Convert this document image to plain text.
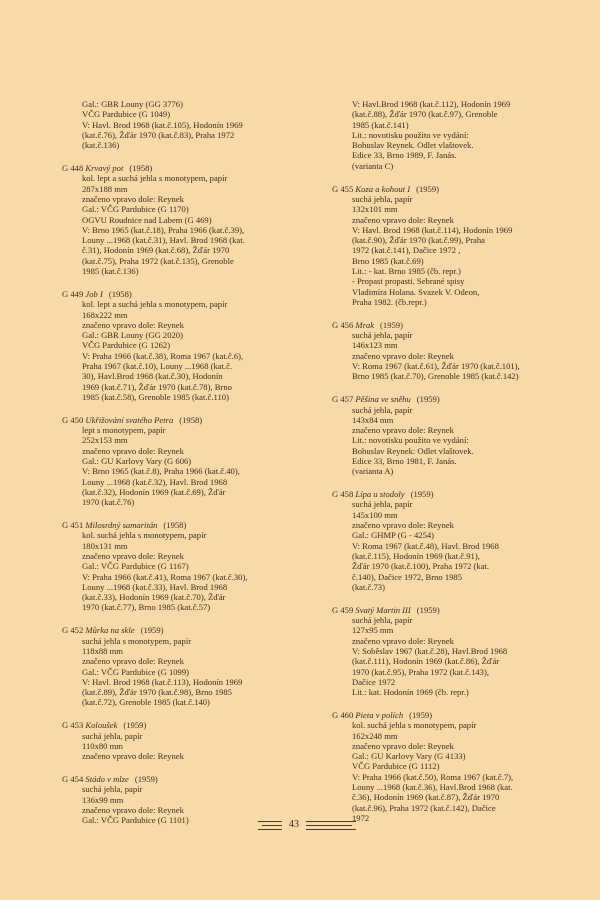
Gal.: GBR Louny (GG 3776)
VČG Pardubice (G 1049)
V: Havl. Brod 1968 (kat.č.105), Hodonín 1969
(kat.č.76), Žďár 1970 (kat.č.83), Praha 1972
(kat.č.136)
G 448 Krvavý pot (1958)
kol. lept a suchá jehla s monotypem, papír
287x188 mm
značeno vpravo dole: Reynek
Gal.: VČG Pardubice (G 1170)
OGVU Roudnice nad Labem (G 469)
V: Brno 1965 (kat.č.18), Praha 1966 (kat.č.39),
Louny ...1968 (kat.č.31), Havl. Brod 1968 (kat.
č.31), Hodonín 1969 (kat.č.68), Žďár 1970
(kat.č.75), Praha 1972 (kat.č.135), Grenoble
1985 (kat.č.136)
G 449 Job I (1958)
kol. lept a suchá jehla s monotypem, papír
168x222 mm
značeno vpravo dole: Reynek
Gal.: GBR Louny (GG 2020)
VČG Pardubice (G 1262)
V: Praha 1966 (kat.č.38), Roma 1967 (kat.č.6),
Praha 1967 (kat.č.10), Louny ...1968 (kat.č.
30), Havl.Brod 1968 (kat.č.30), Hodonín
1969 (kat.č.71), Žďár 1970 (kat.č.78), Brno
1985 (kat.č.58), Grenoble 1985 (kat.č.110)
G 450 Ukřižování svatého Petra (1958)
lept s monotypem, papír
252x153 mm
značeno vpravo dole: Reynek
Gal.: GU Karlovy Vary (G 606)
V: Brno 1965 (kat.č.8), Praha 1966 (kat.č.40),
Louny ...1968 (kat.č.32), Havl. Brod 1968
(kat.č.32), Hodonín 1969 (kat.č.69), Žďár
1970 (kat.č.76)
G 451 Milosrdný samaritán (1958)
kol. suchá jehla s monotypem, papír
180x131 mm
značeno vpravo dole: Reynek
Gal.: VČG Pardubice (G 1167)
V: Praha 1966 (kat.č.41), Roma 1967 (kat.č.30),
Louny ...1968 (kat.č.33), Havl. Brod 1968
(kat.č.33), Hodonín 1969 (kat.č.70), Žďár
1970 (kat.č.77), Brno 1985 (kat.č.57)
G 452 Můrka na skle (1959)
suchá jehla s monotypem, papír
118x88 mm
značeno vpravo dole: Reynek
Gal.: VČG Pardubice (G 1099)
V: Havl. Brod 1968 (kat.č.113), Hodonín 1969
(kat.č.89), Žďár 1970 (kat.č.98), Brno 1985
(kat.č.72), Grenoble 1985 (kat.č.140)
G 453 Koloušek (1959)
suchá jehla, papír
110x80 mm
značeno vpravo dole: Reynek
G 454 Stádo v mlze (1959)
suchá jehla, papír
136x99 mm
značeno vpravo dole: Reynek
Gal.: VČG Pardubice (G 1101)
V: Havl.Brod 1968 (kat.č.112), Hodonín 1969
(kat.č.88), Žďár 1970 (kat.č.97), Grenoble
1985 (kat.č.141)
Lit.: novotisku použito ve vydání:
Bohuslav Reynek. Odlet vlaštovek.
Edice 33, Brno 1989, F. Janás.
(varianta C)
G 455 Koza a kohout I (1959)
suchá jehla, papír
132x101 mm
značeno vpravo dole: Reynek
V: Havl. Brod 1968 (kat.č.114), Hodonín 1969
(kat.č.90), Žďár 1970 (kat.č.99), Praha
1972 (kat.č.141), Dačice 1972 ,
Brno 1985 (kat.č.69)
Lit.: - kat. Brno 1985 (čb. repr.)
- Propast propasti. Sebrané spisy
Vladimíra Holana. Svazek V. Odeon,
Praha 1982. (čb.repr.)
G 456 Mrak (1959)
suchá jehla, papír
146x123 mm
značeno vpravo dole: Reynek
V: Roma 1967 (kat.č.61), Žďár 1970 (kat.č.101),
Brno 1985 (kat.č.70), Grenoble 1985 (kat.č.142)
G 457 Pěšina ve sněhu (1959)
suchá jehla, papír
143x84 mm
značeno vpravo dole: Reynek
Lit.: novotisku použito ve vydání:
Bohuslav Reynek: Odlet vlaštovek.
Edice 33, Brno 1981, F. Janás.
(varianta A)
G 458 Lípa u stodoly (1959)
suchá jehla, papír
145x100 mm
značeno vpravo dole: Reynek
Gal.: GHMP (G - 4254)
V: Roma 1967 (kat.č.48), Havl. Brod 1968
(kat.č.115), Hodonín 1969 (kat.č.91),
Žďár 1970 (kat.č.100), Praha 1972 (kat.
č.140), Dačice 1972, Brno 1985
(kat.č.73)
G 459 Svatý Martin III (1959)
suchá jehla, papír
127x95 mm
značeno vpravo dole: Reynek
V: Soběslav 1967 (kat.č.28), Havl.Brod 1968
(kat.č.111), Hodonín 1969 (kat.č.86), Žďár
1970 (kat.č.95), Praha 1972 (kat.č.143),
Dačice 1972
Lit.: kat. Hodonín 1969 (čb. repr.)
G 460 Pieta v polích (1959)
kol. suchá jehla s monotypem, papír
162x248 mm
značeno vpravo dole: Reynek
Gal.: GU Karlovy Vary (G 4133)
VČG Pardubice (G 1112)
V: Praha 1966 (kat.č.50), Roma 1967 (kat.č.7),
Louny ...1968 (kat.č.36), Havl.Brod 1968 (kat.
č.36), Hodonín 1969 (kat.č.87), Žďár 1970
(kat.č.96), Praha 1972 (kat.č.142), Dačice
1972
43
